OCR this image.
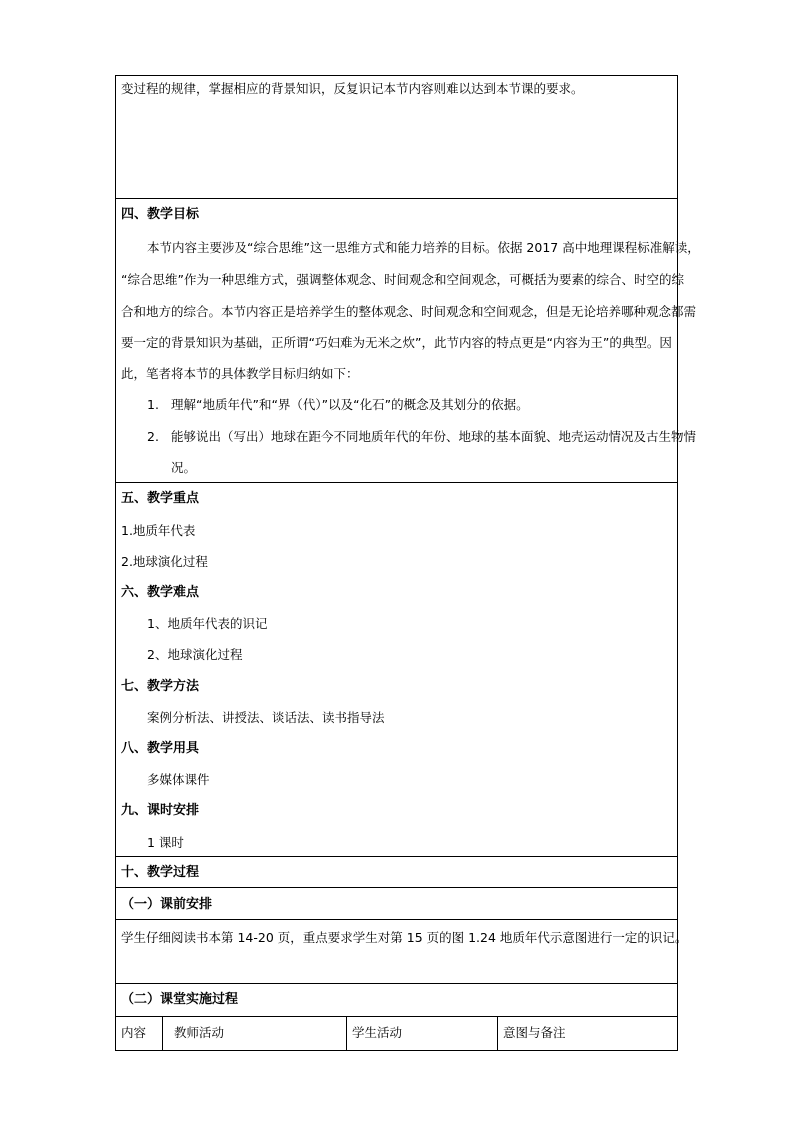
变过程的规律，掌握相应的背景知识，反复识记本节内容则难以达到本节课的要求。
四、教学目标
本节内容主要涉及“综合思维”这一思维方式和能力培养的目标。依据 2017 高中地理课程标准解读，
“综合思维”作为一种思维方式，强调整体观念、时间观念和空间观念，可概括为要素的综合、时空的综
合和地方的综合。本节内容正是培养学生的整体观念、时间观念和空间观念，但是无论培养哪种观念都需
要一定的背景知识为基础，正所谓“巧妇难为无米之炊”，此节内容的特点更是“内容为王”的典型。因
此，笔者将本节的具体教学目标归纳如下：
1. 理解“地质年代”和“界（代）”以及“化石”的概念及其划分的依据。
2. 能够说出（写出）地球在距今不同地质年代的年份、地球的基本面貌、地壳运动情况及古生物情
况。
五、教学重点
1.地质年代表
2.地球演化过程
六、教学难点
1、地质年代表的识记
2、地球演化过程
七、教学方法
案例分析法、讲授法、谈话法、读书指导法
八、教学用具
多媒体课件
九、课时安排
1 课时
十、教学过程
（一）课前安排
学生仔细阅读书本第 14-20 页，重点要求学生对第 15 页的图 1.24 地质年代示意图进行一定的识记。
（二）课堂实施过程
内容 教师活动	学生活动	意图与备注
